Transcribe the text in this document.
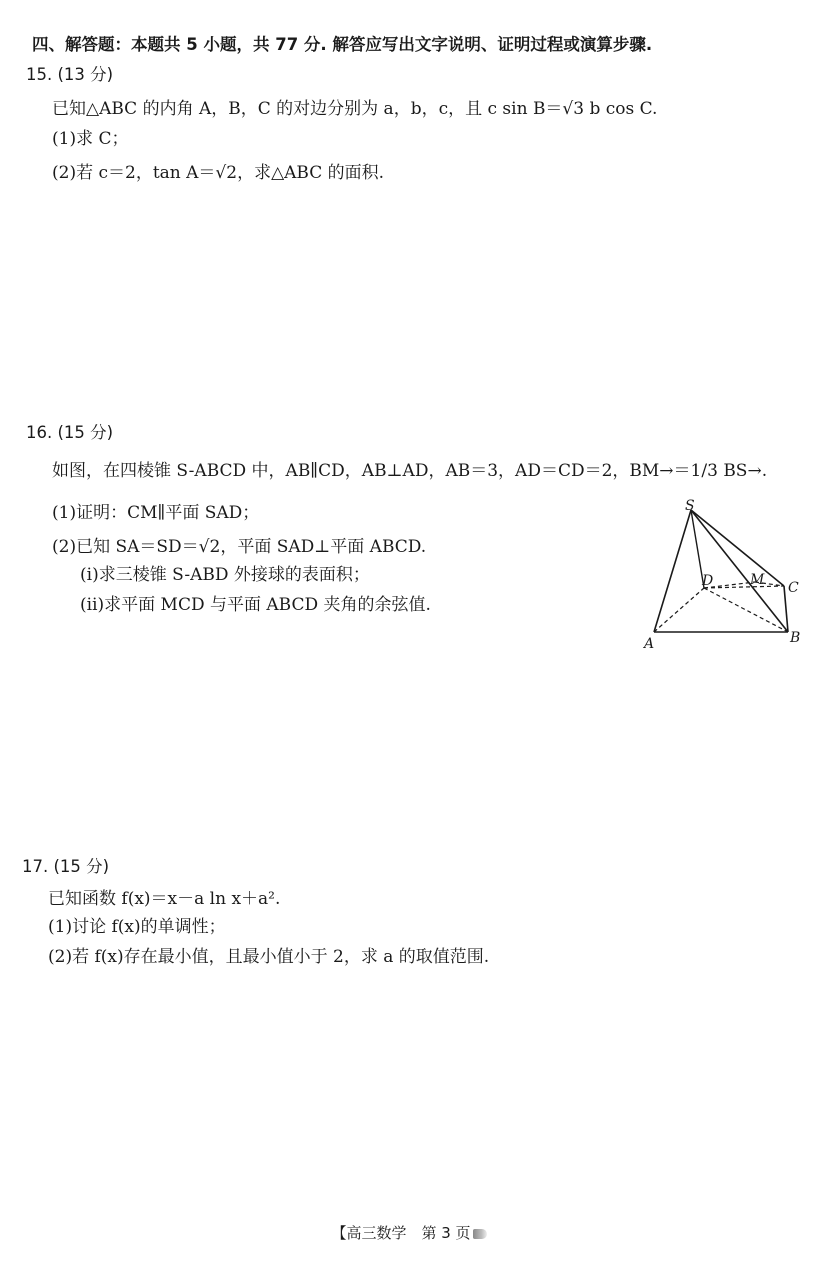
四、解答题：本题共 5 小题，共 77 分. 解答应写出文字说明、证明过程或演算步骤.
15. (13 分)
已知△ABC 的内角 A，B，C 的对边分别为 a，b，c，且 c sin B＝√3 b cos C.
(1)求 C；
(2)若 c＝2，tan A＝√2，求△ABC 的面积.
16. (15 分)
如图，在四棱锥 S-ABCD 中，AB∥CD，AB⊥AD，AB＝3，AD＝CD＝2，BM→＝1/3 BS→.
(1)证明：CM∥平面 SAD；
(2)已知 SA＝SD＝√2，平面 SAD⊥平面 ABCD.
(ⅰ)求三棱锥 S-ABD 外接球的表面积；
(ⅱ)求平面 MCD 与平面 ABCD 夹角的余弦值.
S
A	B
C
D	M
17. (15 分)
已知函数 f(x)＝x－a ln x＋a².
(1)讨论 f(x)的单调性；
(2)若 f(x)存在最小值，且最小值小于 2，求 a 的取值范围.
【高三数学　第 3 页
